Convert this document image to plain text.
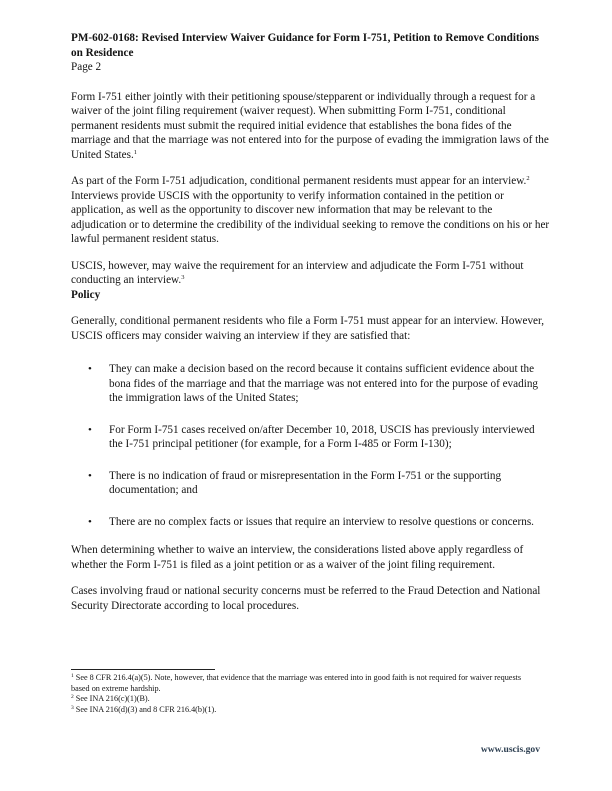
PM-602-0168: Revised Interview Waiver Guidance for Form I-751, Petition to Remove Conditions on Residence

Page 2

Form I-751 either jointly with their petitioning spouse/stepparent or individually through a request for a waiver of the joint filing requirement (waiver request). When submitting Form I-751, conditional permanent residents must submit the required initial evidence that establishes the bona fides of the marriage and that the marriage was not entered into for the purpose of evading the immigration laws of the United States.$^1$

As part of the Form I-751 adjudication, conditional permanent residents must appear for an interview.$^2$ Interviews provide USCIS with the opportunity to verify information contained in the petition or application, as well as the opportunity to discover new information that may be relevant to the adjudication or to determine the credibility of the individual seeking to remove the conditions on his or her lawful permanent resident status.

USCIS, however, may waive the requirement for an interview and adjudicate the Form I-751 without conducting an interview.$^3$

Policy

Generally, conditional permanent residents who file a Form I-751 must appear for an interview. However, USCIS officers may consider waiving an interview if they are satisfied that:

• They can make a decision based on the record because it contains sufficient evidence about the bona fides of the marriage and that the marriage was not entered into for the purpose of evading the immigration laws of the United States;
• For Form I-751 cases received on/after December 10, 2018, USCIS has previously interviewed the I-751 principal petitioner (for example, for a Form I-485 or Form I-130);
• There is no indication of fraud or misrepresentation in the Form I-751 or the supporting documentation; and
• There are no complex facts or issues that require an interview to resolve questions or concerns.

When determining whether to waive an interview, the considerations listed above apply regardless of whether the Form I-751 is filed as a joint petition or as a waiver of the joint filing requirement.

Cases involving fraud or national security concerns must be referred to the Fraud Detection and National Security Directorate according to local procedures.

$^1$ See 8 CFR 216.4(a)(5). Note, however, that evidence that the marriage was entered into in good faith is not required for waiver requests based on extreme hardship.

$^2$ See INA 216(c)(1)(B).

$^3$ See INA 216(d)(3) and 8 CFR 216.4(b)(1).

www.uscis.gov
